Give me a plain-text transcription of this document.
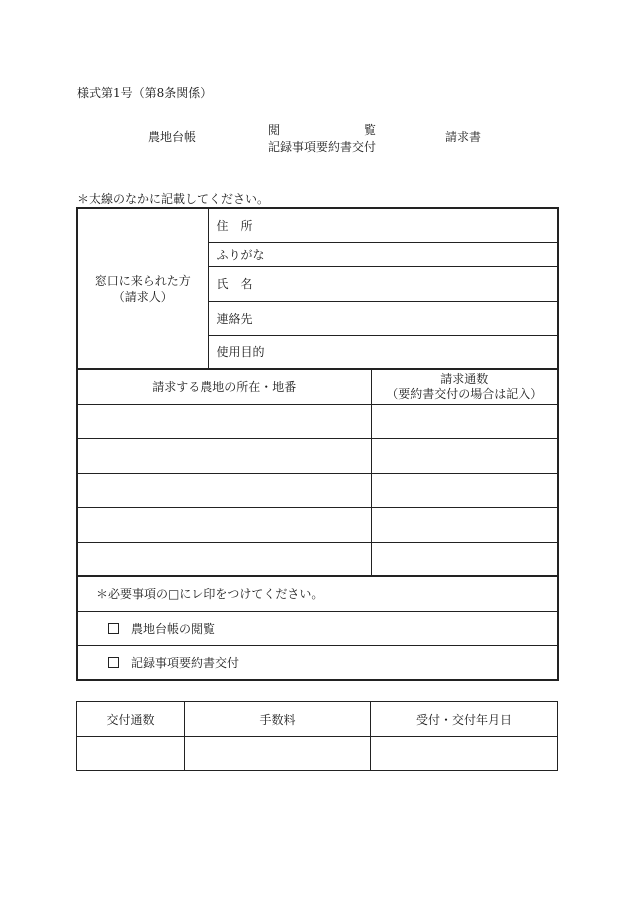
様式第1号（第8条関係）
農地台帳	閲	覧
記録事項要約書交付
請求書
＊太線のなかに記載してください。
窓口に来られた方
（請求人）	住　所	
	ふりがな	
	氏　名	
	連絡先	
	使用目的	
請求する農地の所在・地番		請求通数
（要約書交付の場合は記入）

＊必要事項の□にレ印をつけてください。		
農地台帳の閲覧		
記録事項要約書交付		
交付通数	手数料	受付・交付年月日
